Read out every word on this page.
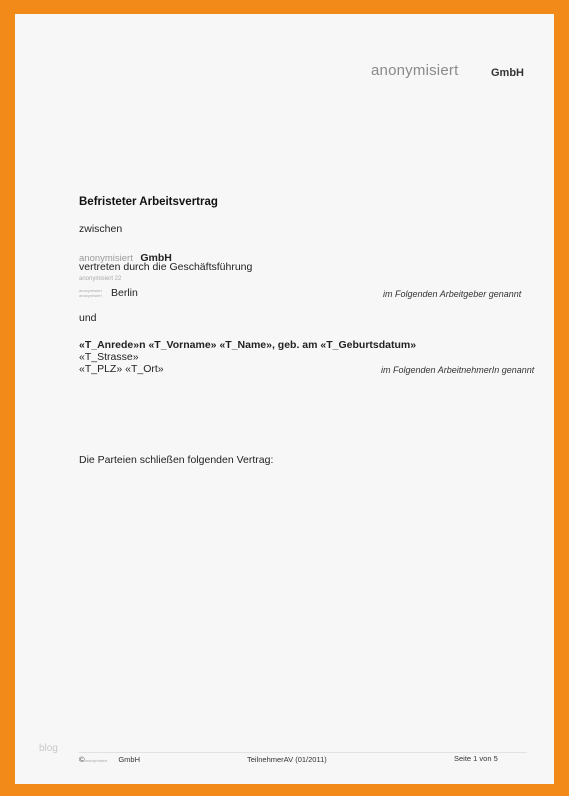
anonymisiert	GmbH
Befristeter Arbeitsvertrag
zwischen
anonymisiert GmbH
vertreten durch die Geschäftsführung
anonymisiert 22
anonymisiert
anonymisiert Berlin	im Folgenden Arbeitgeber genannt
und
«T_Anrede»n «T_Vorname» «T_Name», geb. am «T_Geburtsdatum»
«T_Strasse»
«T_PLZ» «T_Ort»	im Folgenden ArbeitnehmerIn genannt
Die Parteien schließen folgenden Vertrag:
blog
©anonymisiert GmbH	TeilnehmerAV (01/2011)	Seite 1 von 5
